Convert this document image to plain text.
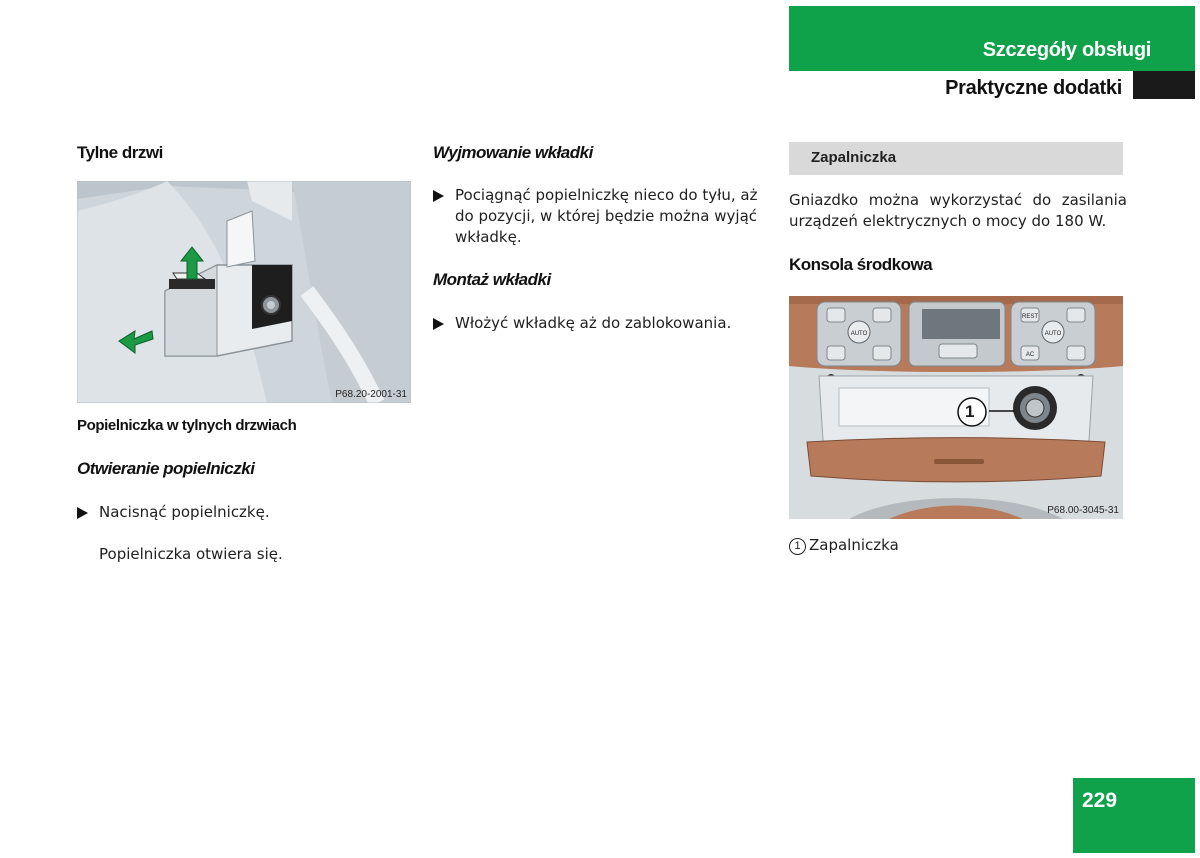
Szczegóły obsługi
Praktyczne dodatki
Tylne drzwi
P68.20-2001-31
Popielniczka w tylnych drzwiach
Otwieranie popielniczki
Nacisnąć popielniczkę.
Popielniczka otwiera się.
Wyjmowanie wkładki
Pociągnąć popielniczkę nieco do tyłu, aż do pozycji, w której będzie można wyjąć wkładkę.
Montaż wkładki
Włożyć wkładkę aż do zablokowania.
Zapalniczka
Gniazdko można wykorzystać do zasilania urządzeń elektrycznych o mocy do 180 W.
Konsola środkowa
AUTO	AUTO
REST
AC
1
P68.00-3045-31
1 Zapalniczka
229
